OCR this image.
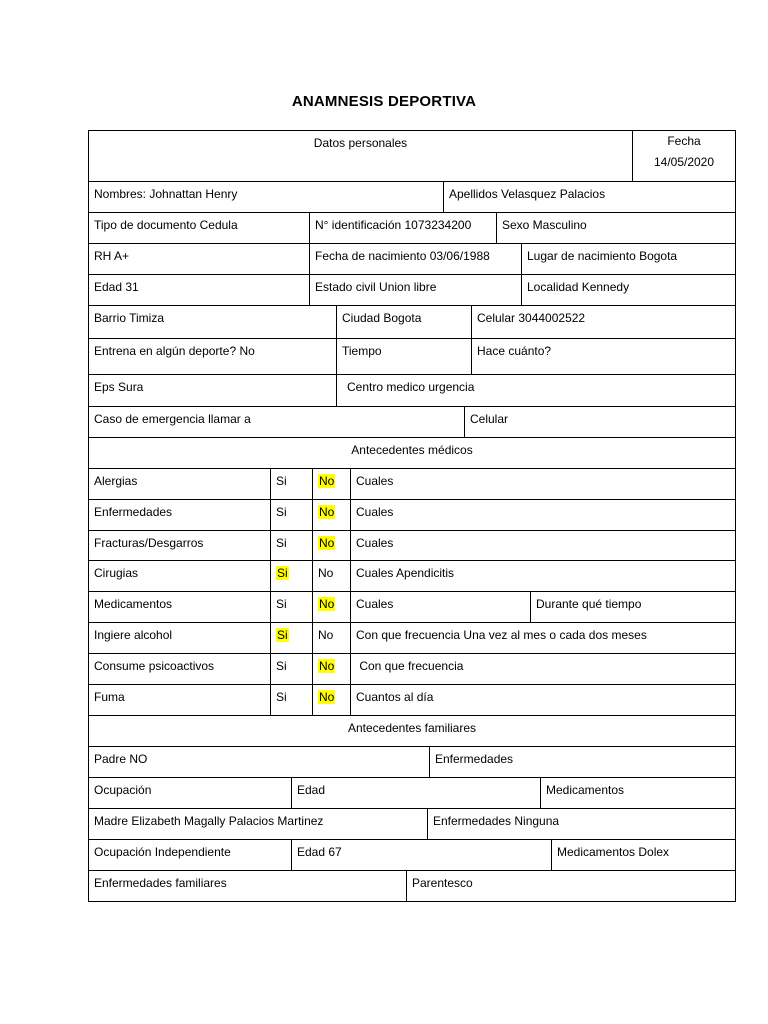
ANAMNESIS DEPORTIVA
Datos personales	Fecha
14/05/2020
Nombres: Johnattan Henry	Apellidos Velasquez Palacios
Tipo de documento Cedula	N° identificación 1073234200	Sexo Masculino
RH A+	Fecha de nacimiento 03/06/1988	Lugar de nacimiento Bogota
Edad 31	Estado civil Union libre	Localidad Kennedy
Barrio Timiza	Ciudad Bogota	Celular 3044002522
Entrena en algún deporte? No	Tiempo	Hace cuánto?
Eps Sura	Centro medico urgencia
Caso de emergencia llamar a	Celular
Antecedentes médicos
Alergias	Si	No	Cuales
Enfermedades	Si	No	Cuales
Fracturas/Desgarros	Si	No	Cuales
Cirugias	Si	No	Cuales Apendicitis
Medicamentos	Si	No	Cuales	Durante qué tiempo
Ingiere alcohol	Si	No	Con que frecuencia Una vez al mes o cada dos meses
Consume psicoactivos	Si	No	Con que frecuencia
Fuma	Si	No	Cuantos al día
Antecedentes familiares
Padre NO	Enfermedades
Ocupación	Edad	Medicamentos
Madre Elizabeth Magally Palacios Martinez	Enfermedades Ninguna
Ocupación Independiente	Edad 67	Medicamentos Dolex
Enfermedades familiares	Parentesco
